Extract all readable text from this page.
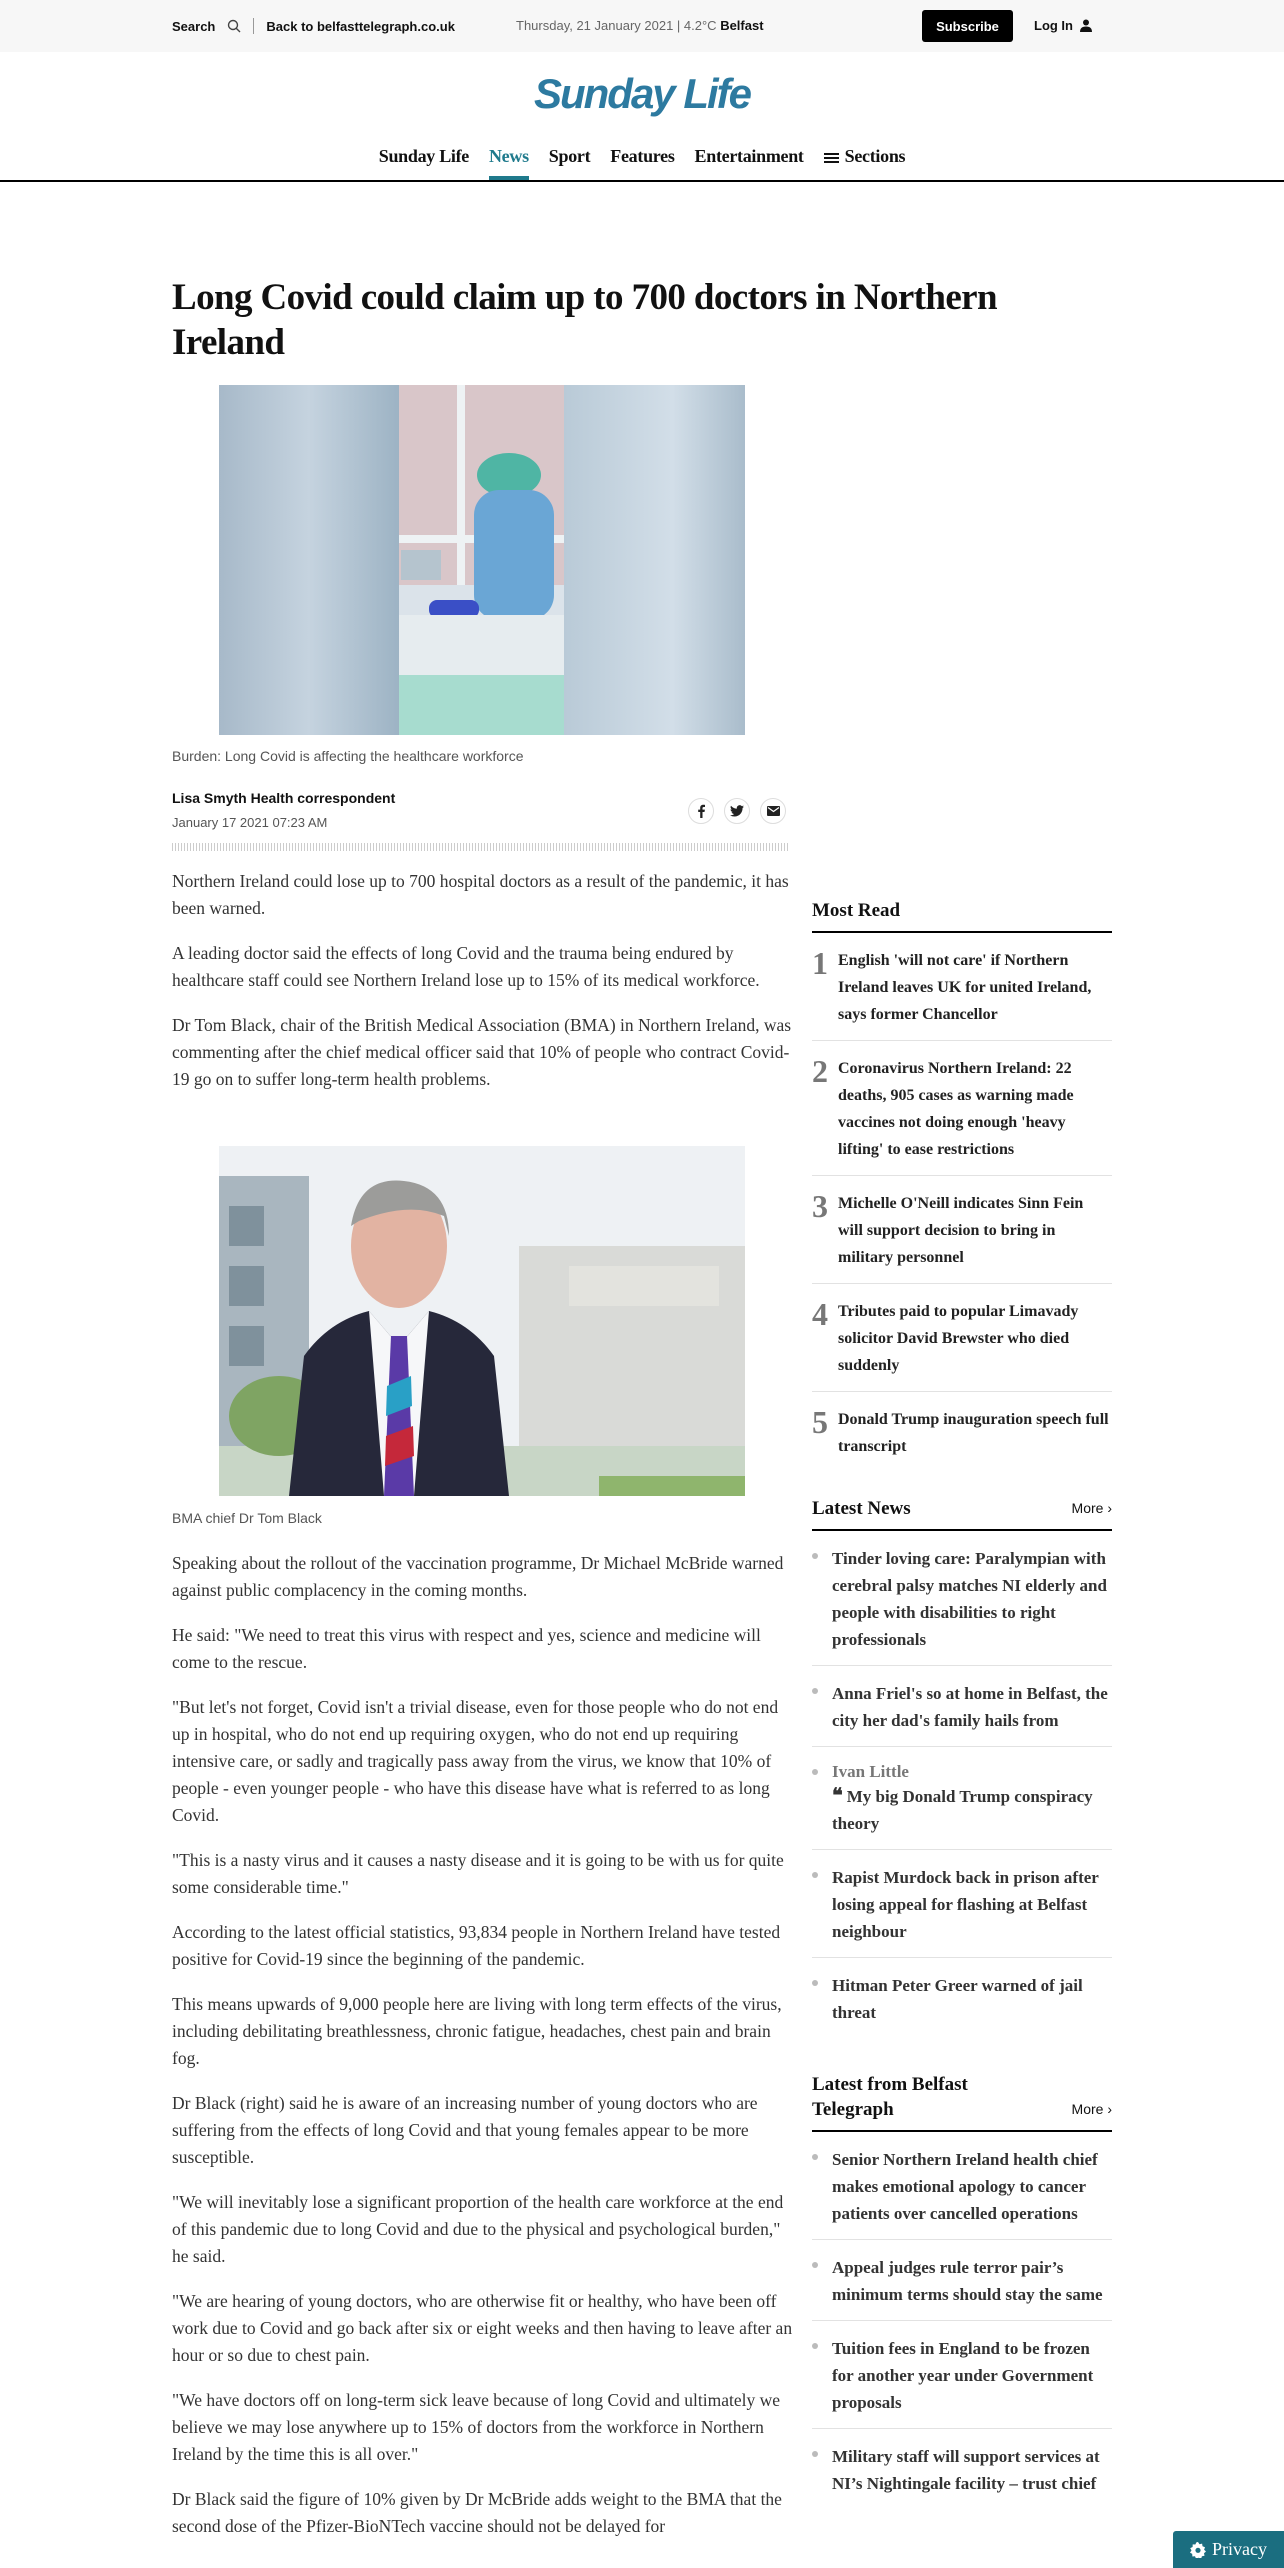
Search	Back to belfasttelegraph.co.uk	Thursday, 21 January 2021 | 4.2°C Belfast	Subscribe	Log In
Sunday Life
Sunday Life	News	Sport	Features	Entertainment	Sections
Long Covid could claim up to 700 doctors in Northern Ireland
Burden: Long Covid is affecting the healthcare workforce
Lisa Smyth Health correspondent
January 17 2021 07:23 AM

Northern Ireland could lose up to 700 hospital doctors as a result of the pandemic, it has been warned.

A leading doctor said the effects of long Covid and the trauma being endured by healthcare staff could see Northern Ireland lose up to 15% of its medical workforce.

Dr Tom Black, chair of the British Medical Association (BMA) in Northern Ireland, was commenting after the chief medical officer said that 10% of people who contract Covid-19 go on to suffer long-term health problems.

BMA chief Dr Tom Black

Speaking about the rollout of the vaccination programme, Dr Michael McBride warned against public complacency in the coming months.

He said: "We need to treat this virus with respect and yes, science and medicine will come to the rescue.

"But let's not forget, Covid isn't a trivial disease, even for those people who do not end up in hospital, who do not end up requiring oxygen, who do not end up requiring intensive care, or sadly and tragically pass away from the virus, we know that 10% of people - even younger people - who have this disease have what is referred to as long Covid.

"This is a nasty virus and it causes a nasty disease and it is going to be with us for quite some considerable time."

According to the latest official statistics, 93,834 people in Northern Ireland have tested positive for Covid-19 since the beginning of the pandemic.

This means upwards of 9,000 people here are living with long term effects of the virus, including debilitating breathlessness, chronic fatigue, headaches, chest pain and brain fog.

Dr Black (right) said he is aware of an increasing number of young doctors who are suffering from the effects of long Covid and that young females appear to be more susceptible.

"We will inevitably lose a significant proportion of the health care workforce at the end of this pandemic due to long Covid and due to the physical and psychological burden," he said.

"We are hearing of young doctors, who are otherwise fit or healthy, who have been off work due to Covid and go back after six or eight weeks and then having to leave after an hour or so due to chest pain.

"We have doctors off on long-term sick leave because of long Covid and ultimately we believe we may lose anywhere up to 15% of doctors from the workforce in Northern Ireland by the time this is all over."

Dr Black said the figure of 10% given by Dr McBride adds weight to the BMA that the second dose of the Pfizer-BioNTech vaccine should not be delayed for

Most Read
1 English 'will not care' if Northern Ireland leaves UK for united Ireland, says former Chancellor
2 Coronavirus Northern Ireland: 22 deaths, 905 cases as warning made vaccines not doing enough 'heavy lifting' to ease restrictions
3 Michelle O'Neill indicates Sinn Fein will support decision to bring in military personnel
4 Tributes paid to popular Limavady solicitor David Brewster who died suddenly
5 Donald Trump inauguration speech full transcript
Latest News	More ›
Tinder loving care: Paralympian with cerebral palsy matches NI elderly and people with disabilities to right professionals
Anna Friel's so at home in Belfast, the city her dad's family hails from
Ivan Little
❝ My big Donald Trump conspiracy theory
Rapist Murdock back in prison after losing appeal for flashing at Belfast neighbour
Hitman Peter Greer warned of jail threat
Latest from Belfast Telegraph	More ›
Senior Northern Ireland health chief makes emotional apology to cancer patients over cancelled operations
Appeal judges rule terror pair’s minimum terms should stay the same
Tuition fees in England to be frozen for another year under Government proposals
Military staff will support services at NI’s Nightingale facility – trust chief
Privacy
